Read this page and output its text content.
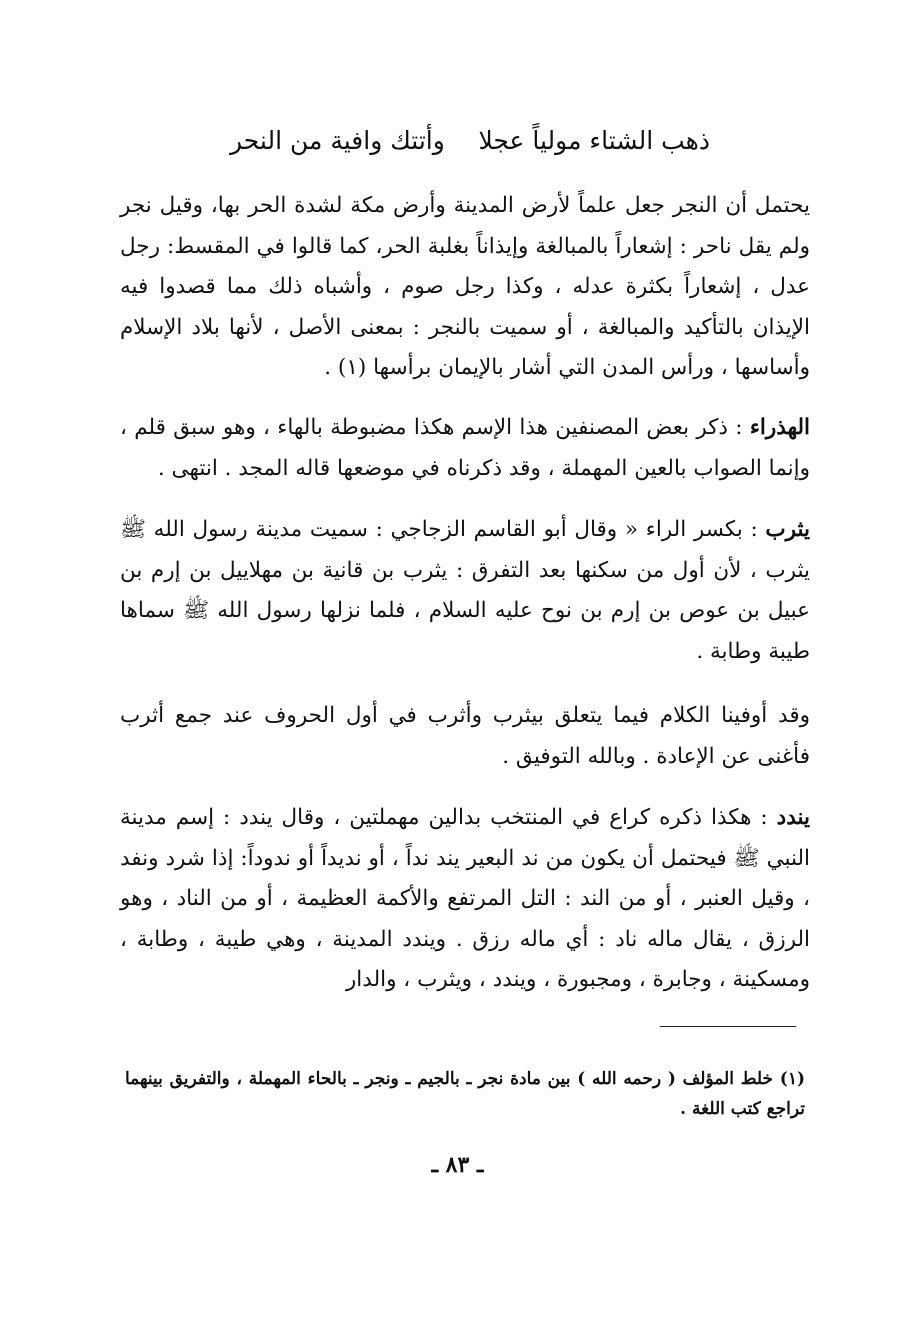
ذهب الشتاء مولياً عجلا
وأتتك وافية من النحر

يحتمل أن النجر جعل علماً لأرض المدينة وأرض مكة لشدة الحر بها، وقيل نجر ولم يقل ناحر : إشعاراً بالمبالغة وإيذاناً بغلبة الحر، كما قالوا في المقسط: رجل عدل ، إشعاراً بكثرة عدله ، وكذا رجل صوم ، وأشباه ذلك مما قصدوا فيه الإيذان بالتأكيد والمبالغة ، أو سميت بالنجر : بمعنى الأصل ، لأنها بلاد الإسلام وأساسها ، ورأس المدن التي أشار بالإيمان برأسها (١) .

الهذراء : ذكر بعض المصنفين هذا الإسم هكذا مضبوطة بالهاء ، وهو سبق قلم ، وإنما الصواب بالعين المهملة ، وقد ذكرناه في موضعها قاله المجد . انتهى .

يثرب : بكسر الراء « وقال أبو القاسم الزجاجي : سميت مدينة رسول الله ﷺ يثرب ، لأن أول من سكنها بعد التفرق : يثرب بن قانية بن مهلاييل بن إرم بن عبيل بن عوص بن إرم بن نوح عليه السلام ، فلما نزلها رسول الله ﷺ سماها طيبة وطابة .

وقد أوفينا الكلام فيما يتعلق بيثرب وأثرب في أول الحروف عند جمع أثرب فأغنى عن الإعادة . وبالله التوفيق .

يندد : هكذا ذكره كراع في المنتخب بدالين مهملتين ، وقال يندد : إسم مدينة النبي ﷺ فيحتمل أن يكون من ند البعير يند نداً ، أو نديداً أو ندوداً: إذا شرد ونفد ، وقيل العنبر ، أو من الند : التل المرتفع والأكمة العظيمة ، أو من الناد ، وهو الرزق ، يقال ماله ناد : أي ماله رزق . ويندد المدينة ، وهي طيبة ، وطابة ، ومسكينة ، وجابرة ، ومجبورة ، ويندد ، ويثرب ، والدار

(١) خلط المؤلف ( رحمه الله ) بين مادة نجر ـ بالجيم ـ ونجر ـ بالحاء المهملة ، والتفريق بينهما تراجع كتب اللغة .
ـ ٨٣ ـ
